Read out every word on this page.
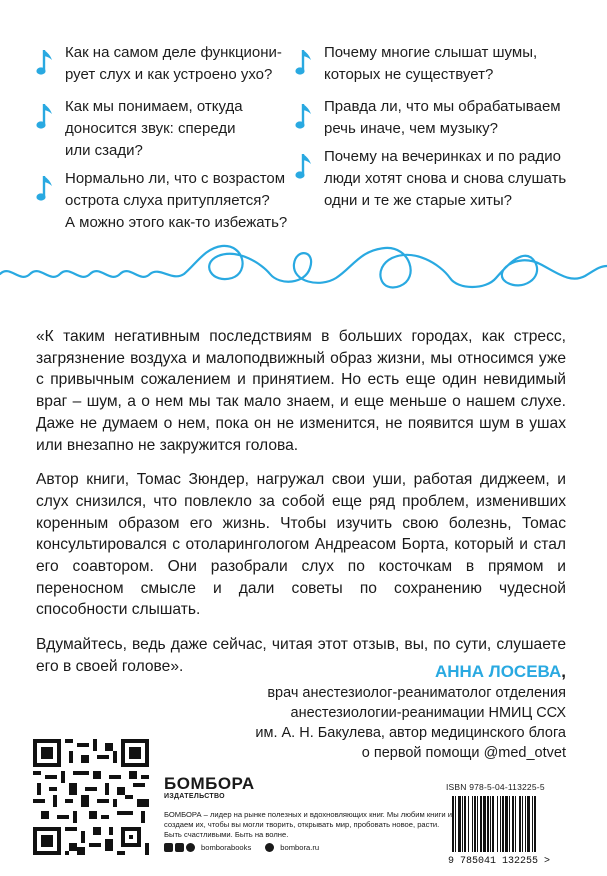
Как на самом деле функциони-
рует слух и как устроено ухо?
Как мы понимаем, откуда
доносится звук: спереди
или сзади?
Нормально ли, что с возрастом
острота слуха притупляется?
А можно этого как-то избежать?
Почему многие слышат шумы,
которых не существует?
Правда ли, что мы обрабатываем
речь иначе, чем музыку?
Почему на вечеринках и по радио
люди хотят снова и снова слушать
одни и те же старые хиты?

«К таким негативным последствиям в больших городах, как стресс, загрязнение воздуха и малоподвижный образ жизни, мы относимся уже с привычным сожалением и принятием. Но есть еще один невидимый враг – шум, а о нем мы так мало знаем, и еще меньше о нашем слухе. Даже не думаем о нем, пока он не изменится, не появится шум в ушах или внезапно не закружится голова.

Автор книги, Томас Зюндер, нагружал свои уши, работая диджеем, и слух снизился, что повлекло за собой еще ряд проблем, изменивших коренным образом его жизнь. Чтобы изучить свою болезнь, Томас консультировался с отоларингологом Андреасом Борта, который и стал его соавтором. Они разобрали слух по косточкам в прямом и переносном смысле и дали советы по сохранению чудесной способности слышать.

Вдумайтесь, ведь даже сейчас, читая этот отзыв, вы, по сути, слушаете его в своей голове».	АННА ЛОСЕВА,
врач анестезиолог-реаниматолог отделения
анестезиологии-реанимации НМИЦ ССХ
им. А. Н. Бакулева, автор медицинского блога
о первой помощи @med_otvet
БОМБОРА
ИЗДАТЕЛЬСТВО
БОМБОРА – лидер на рынке полезных и вдохновляющих книг. Мы любим книги и создаем их, чтобы вы могли творить, открывать мир, пробовать новое, расти. Быть счастливыми. Быть на волне.
bomborabooks	bombora.ru
ISBN 978-5-04-113225-5
9 785041 132255 >
